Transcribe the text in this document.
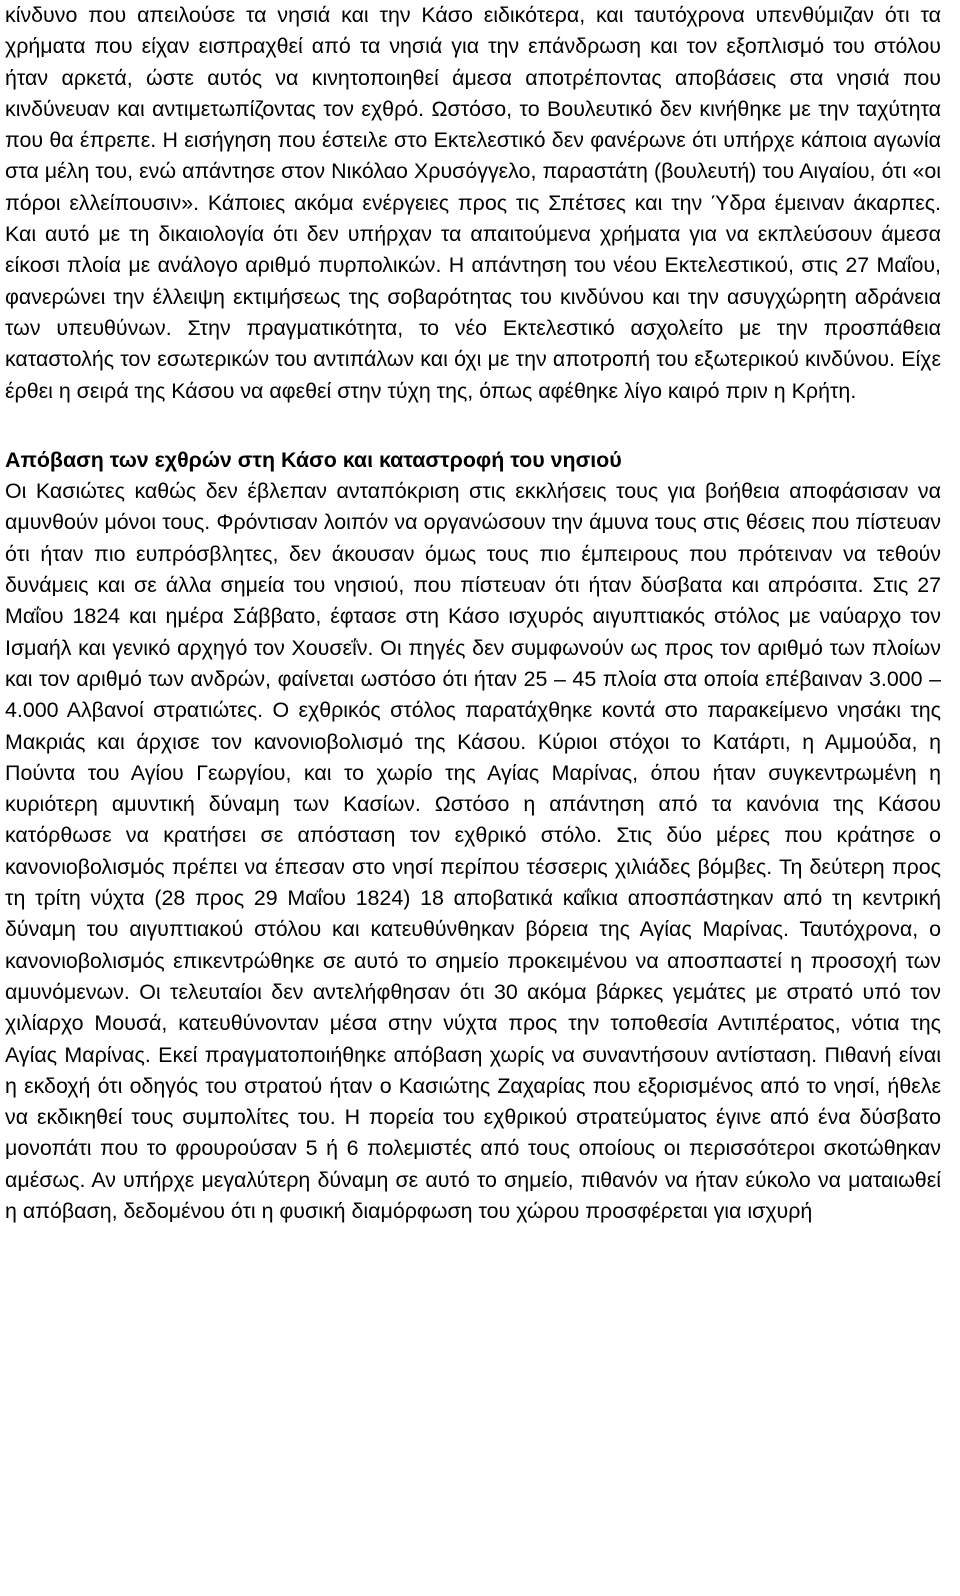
κίνδυνο που απειλούσε τα νησιά και την Κάσο ειδικότερα, και ταυτόχρονα υπενθύμιζαν ότι τα χρήματα που είχαν εισπραχθεί από τα νησιά για την επάνδρωση και τον εξοπλισμό του στόλου ήταν αρκετά, ώστε αυτός να κινητοποιηθεί άμεσα αποτρέποντας αποβάσεις στα νησιά που κινδύνευαν και αντιμετωπίζοντας τον εχθρό. Ωστόσο, το Βουλευτικό δεν κινήθηκε με την ταχύτητα που θα έπρεπε. Η εισήγηση που έστειλε στο Εκτελεστικό δεν φανέρωνε ότι υπήρχε κάποια αγωνία στα μέλη του, ενώ απάντησε στον Νικόλαο Χρυσόγγελο, παραστάτη (βουλευτή) του Αιγαίου, ότι «οι πόροι ελλείπουσιν». Κάποιες ακόμα ενέργειες προς τις Σπέτσες και την Ύδρα έμειναν άκαρπες. Και αυτό με τη δικαιολογία ότι δεν υπήρχαν τα απαιτούμενα χρήματα για να εκπλεύσουν άμεσα είκοσι πλοία με ανάλογο αριθμό πυρπολικών. Η απάντηση του νέου Εκτελεστικού, στις 27 Μαΐου, φανερώνει την έλλειψη εκτιμήσεως της σοβαρότητας του κινδύνου και την ασυγχώρητη αδράνεια των υπευθύνων. Στην πραγματικότητα, το νέο Εκτελεστικό ασχολείτο με την προσπάθεια καταστολής τον εσωτερικών του αντιπάλων και όχι με την αποτροπή του εξωτερικού κινδύνου. Είχε έρθει η σειρά της Κάσου να αφεθεί στην τύχη της, όπως αφέθηκε λίγο καιρό πριν η Κρήτη.

Απόβαση των εχθρών στη Κάσο και καταστροφή του νησιού

Οι Κασιώτες καθώς δεν έβλεπαν ανταπόκριση στις εκκλήσεις τους για βοήθεια αποφάσισαν να αμυνθούν μόνοι τους. Φρόντισαν λοιπόν να οργανώσουν την άμυνα τους στις θέσεις που πίστευαν ότι ήταν πιο ευπρόσβλητες, δεν άκουσαν όμως τους πιο έμπειρους που πρότειναν να τεθούν δυνάμεις και σε άλλα σημεία του νησιού, που πίστευαν ότι ήταν δύσβατα και απρόσιτα. Στις 27 Μαΐου 1824 και ημέρα Σάββατο, έφτασε στη Κάσο ισχυρός αιγυπτιακός στόλος με ναύαρχο τον Ισμαήλ και γενικό αρχηγό τον Χουσεΐν. Οι πηγές δεν συμφωνούν ως προς τον αριθμό των πλοίων και τον αριθμό των ανδρών, φαίνεται ωστόσο ότι ήταν 25 – 45 πλοία στα οποία επέβαιναν 3.000 – 4.000 Αλβανοί στρατιώτες. Ο εχθρικός στόλος παρατάχθηκε κοντά στο παρακείμενο νησάκι της Μακριάς και άρχισε τον κανονιοβολισμό της Κάσου. Κύριοι στόχοι το Κατάρτι, η Αμμούδα, η Πούντα του Αγίου Γεωργίου, και το χωρίο της Αγίας Μαρίνας, όπου ήταν συγκεντρωμένη η κυριότερη αμυντική δύναμη των Κασίων. Ωστόσο η απάντηση από τα κανόνια της Κάσου κατόρθωσε να κρατήσει σε απόσταση τον εχθρικό στόλο. Στις δύο μέρες που κράτησε ο κανονιοβολισμός πρέπει να έπεσαν στο νησί περίπου τέσσερις χιλιάδες βόμβες. Τη δεύτερη προς τη τρίτη νύχτα (28 προς 29 Μαΐου 1824) 18 αποβατικά καΐκια αποσπάστηκαν από τη κεντρική δύναμη του αιγυπτιακού στόλου και κατευθύνθηκαν βόρεια της Αγίας Μαρίνας. Ταυτόχρονα, ο κανονιοβολισμός επικεντρώθηκε σε αυτό το σημείο προκειμένου να αποσπαστεί η προσοχή των αμυνόμενων. Οι τελευταίοι δεν αντελήφθησαν ότι 30 ακόμα βάρκες γεμάτες με στρατό υπό τον χιλίαρχο Μουσά, κατευθύνονταν μέσα στην νύχτα προς την τοποθεσία Αντιπέρατος, νότια της Αγίας Μαρίνας. Εκεί πραγματοποιήθηκε απόβαση χωρίς να συναντήσουν αντίσταση. Πιθανή είναι η εκδοχή ότι οδηγός του στρατού ήταν ο Κασιώτης Ζαχαρίας που εξορισμένος από το νησί, ήθελε να εκδικηθεί τους συμπολίτες του. Η πορεία του εχθρικού στρατεύματος έγινε από ένα δύσβατο μονοπάτι που το φρουρούσαν 5 ή 6 πολεμιστές από τους οποίους οι περισσότεροι σκοτώθηκαν αμέσως. Αν υπήρχε μεγαλύτερη δύναμη σε αυτό το σημείο, πιθανόν να ήταν εύκολο να ματαιωθεί η απόβαση, δεδομένου ότι η φυσική διαμόρφωση του χώρου προσφέρεται για ισχυρή
